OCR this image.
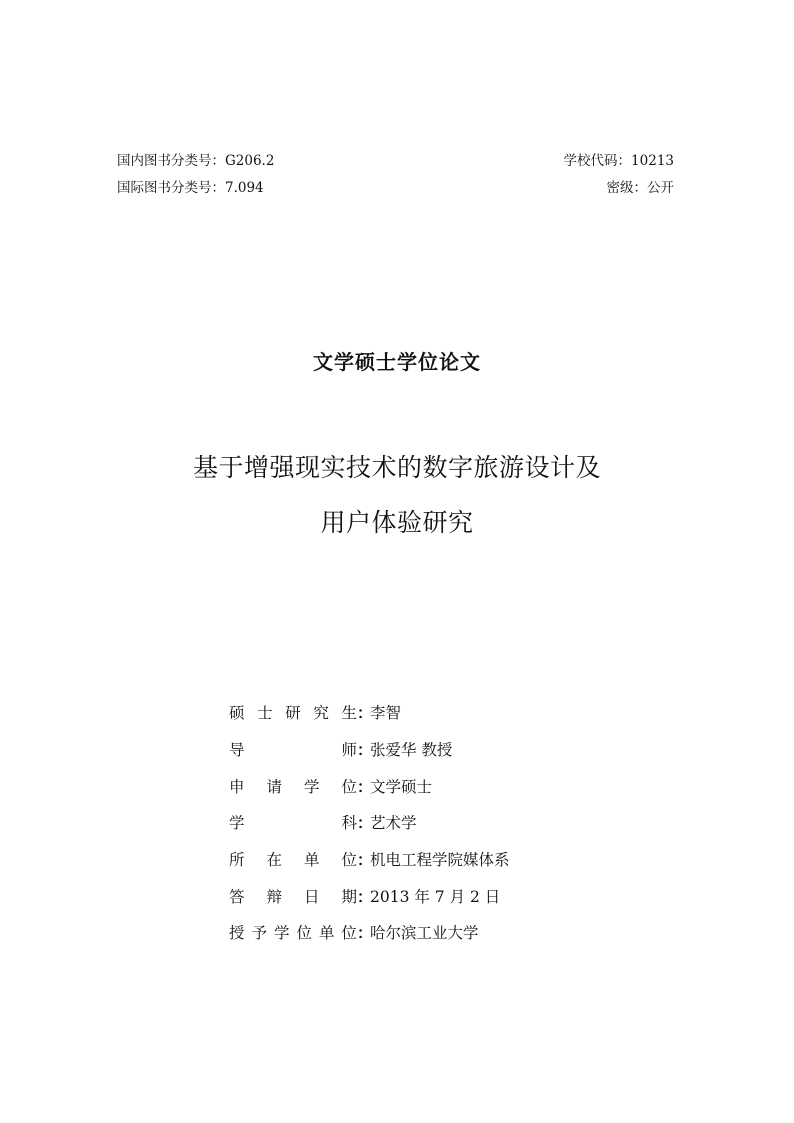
国内图书分类号：G206.2	学校代码：10213
国际图书分类号：7.094	密级：公开
文学硕士学位论文
基于增强现实技术的数字旅游设计及
用户体验研究
硕 士 研 究 生 ：
李智
导	师 ：
张爱华 教授
申 请 学 位 ：
文学硕士
学	科 ：
艺术学
所 在 单 位 ：
机电工程学院媒体系
答 辩 日 期 ：
2013 年 7 月 2 日
授 予 学 位 单 位 ：
哈尔滨工业大学
